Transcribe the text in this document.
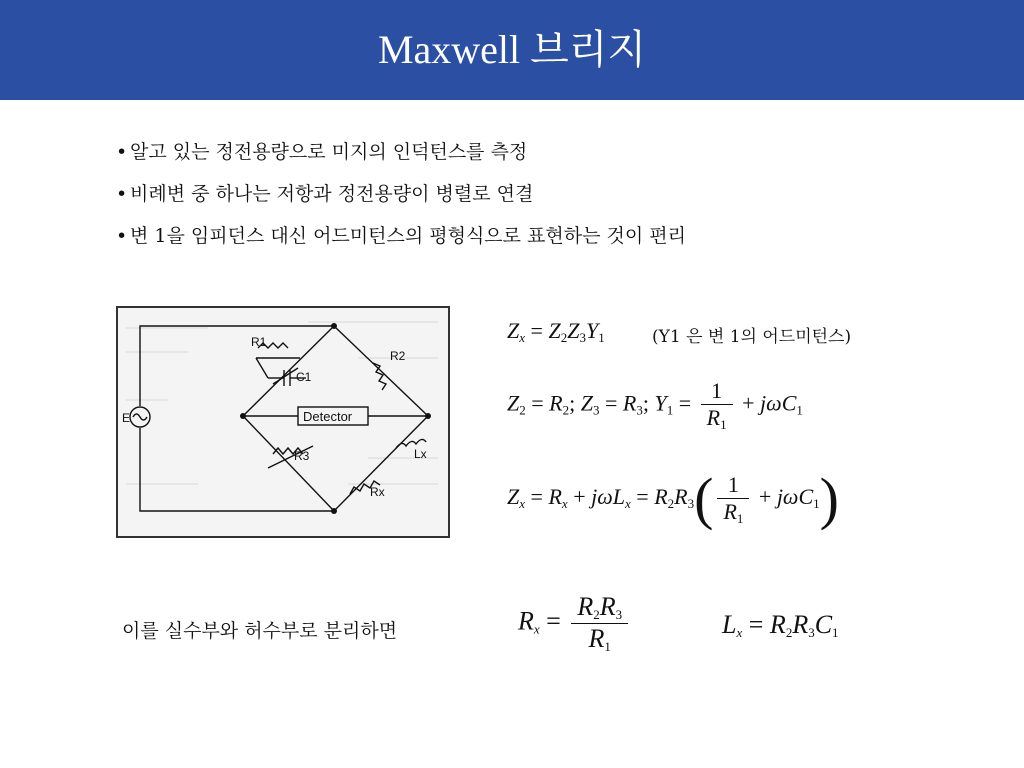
Maxwell 브리지
• 알고 있는 정전용량으로 미지의 인덕턴스를 측정
• 비례변 중 하나는 저항과 정전용량이 병렬로 연결
• 변 1을 임피던스 대신 어드미턴스의 평형식으로 표현하는 것이 편리
E
R1
C1
R2
R3
Rx
Lx
Detector
$Z_x = Z_2Z_3Y_1$	(Y1 은 변 1의 어드미턴스)
$Z_2 = R_2$; $Z_3 = R_3$; $Y_1 = \frac{1}{R_1} + j\omega C_1$
$Z_x = R_x + j\omega L_x = R_2R_3( \frac{1}{R_1} + j\omega C_1)$
이를 실수부와 허수부로 분리하면	$R_x = \frac{R_2R_3}{R_1}$	$L_x = R_2R_3C_1$
